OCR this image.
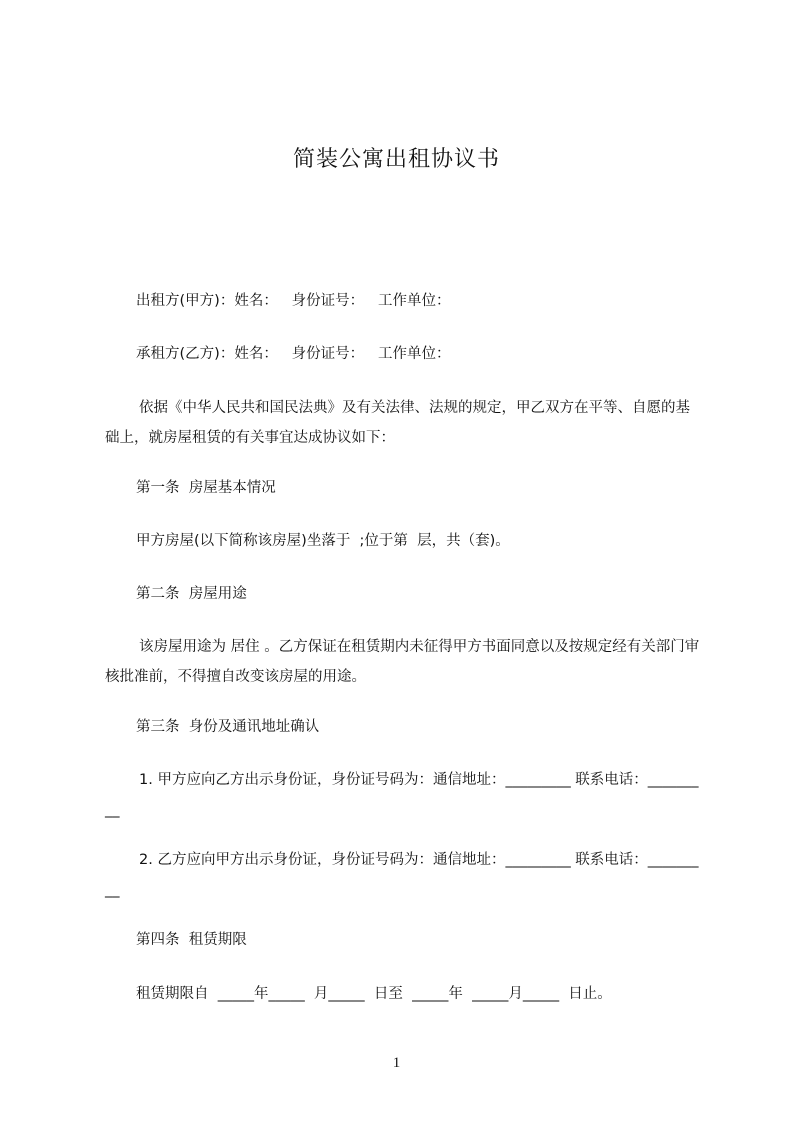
简装公寓出租协议书

出租方(甲方)：姓名：   身份证号：   工作单位：

承租方(乙方)：姓名：   身份证号：   工作单位：

依据《中华人民共和国民法典》及有关法律、法规的规定，甲乙双方在平等、自愿的基础上，就房屋租赁的有关事宜达成协议如下：

第一条  房屋基本情况

甲方房屋(以下简称该房屋)坐落于  ;位于第  层，共（套)。

第二条  房屋用途

该房屋用途为 居住 。乙方保证在租赁期内未征得甲方书面同意以及按规定经有关部门审核批准前，不得擅自改变该房屋的用途。

第三条  身份及通讯地址确认

1. 甲方应向乙方出示身份证，身份证号码为：通信地址：_________ 联系电话：_________

2. 乙方应向甲方出示身份证，身份证号码为：通信地址：_________ 联系电话：_________

第四条  租赁期限

租赁期限自  _____年_____  月_____  日至  _____年  _____月_____  日止。

1
